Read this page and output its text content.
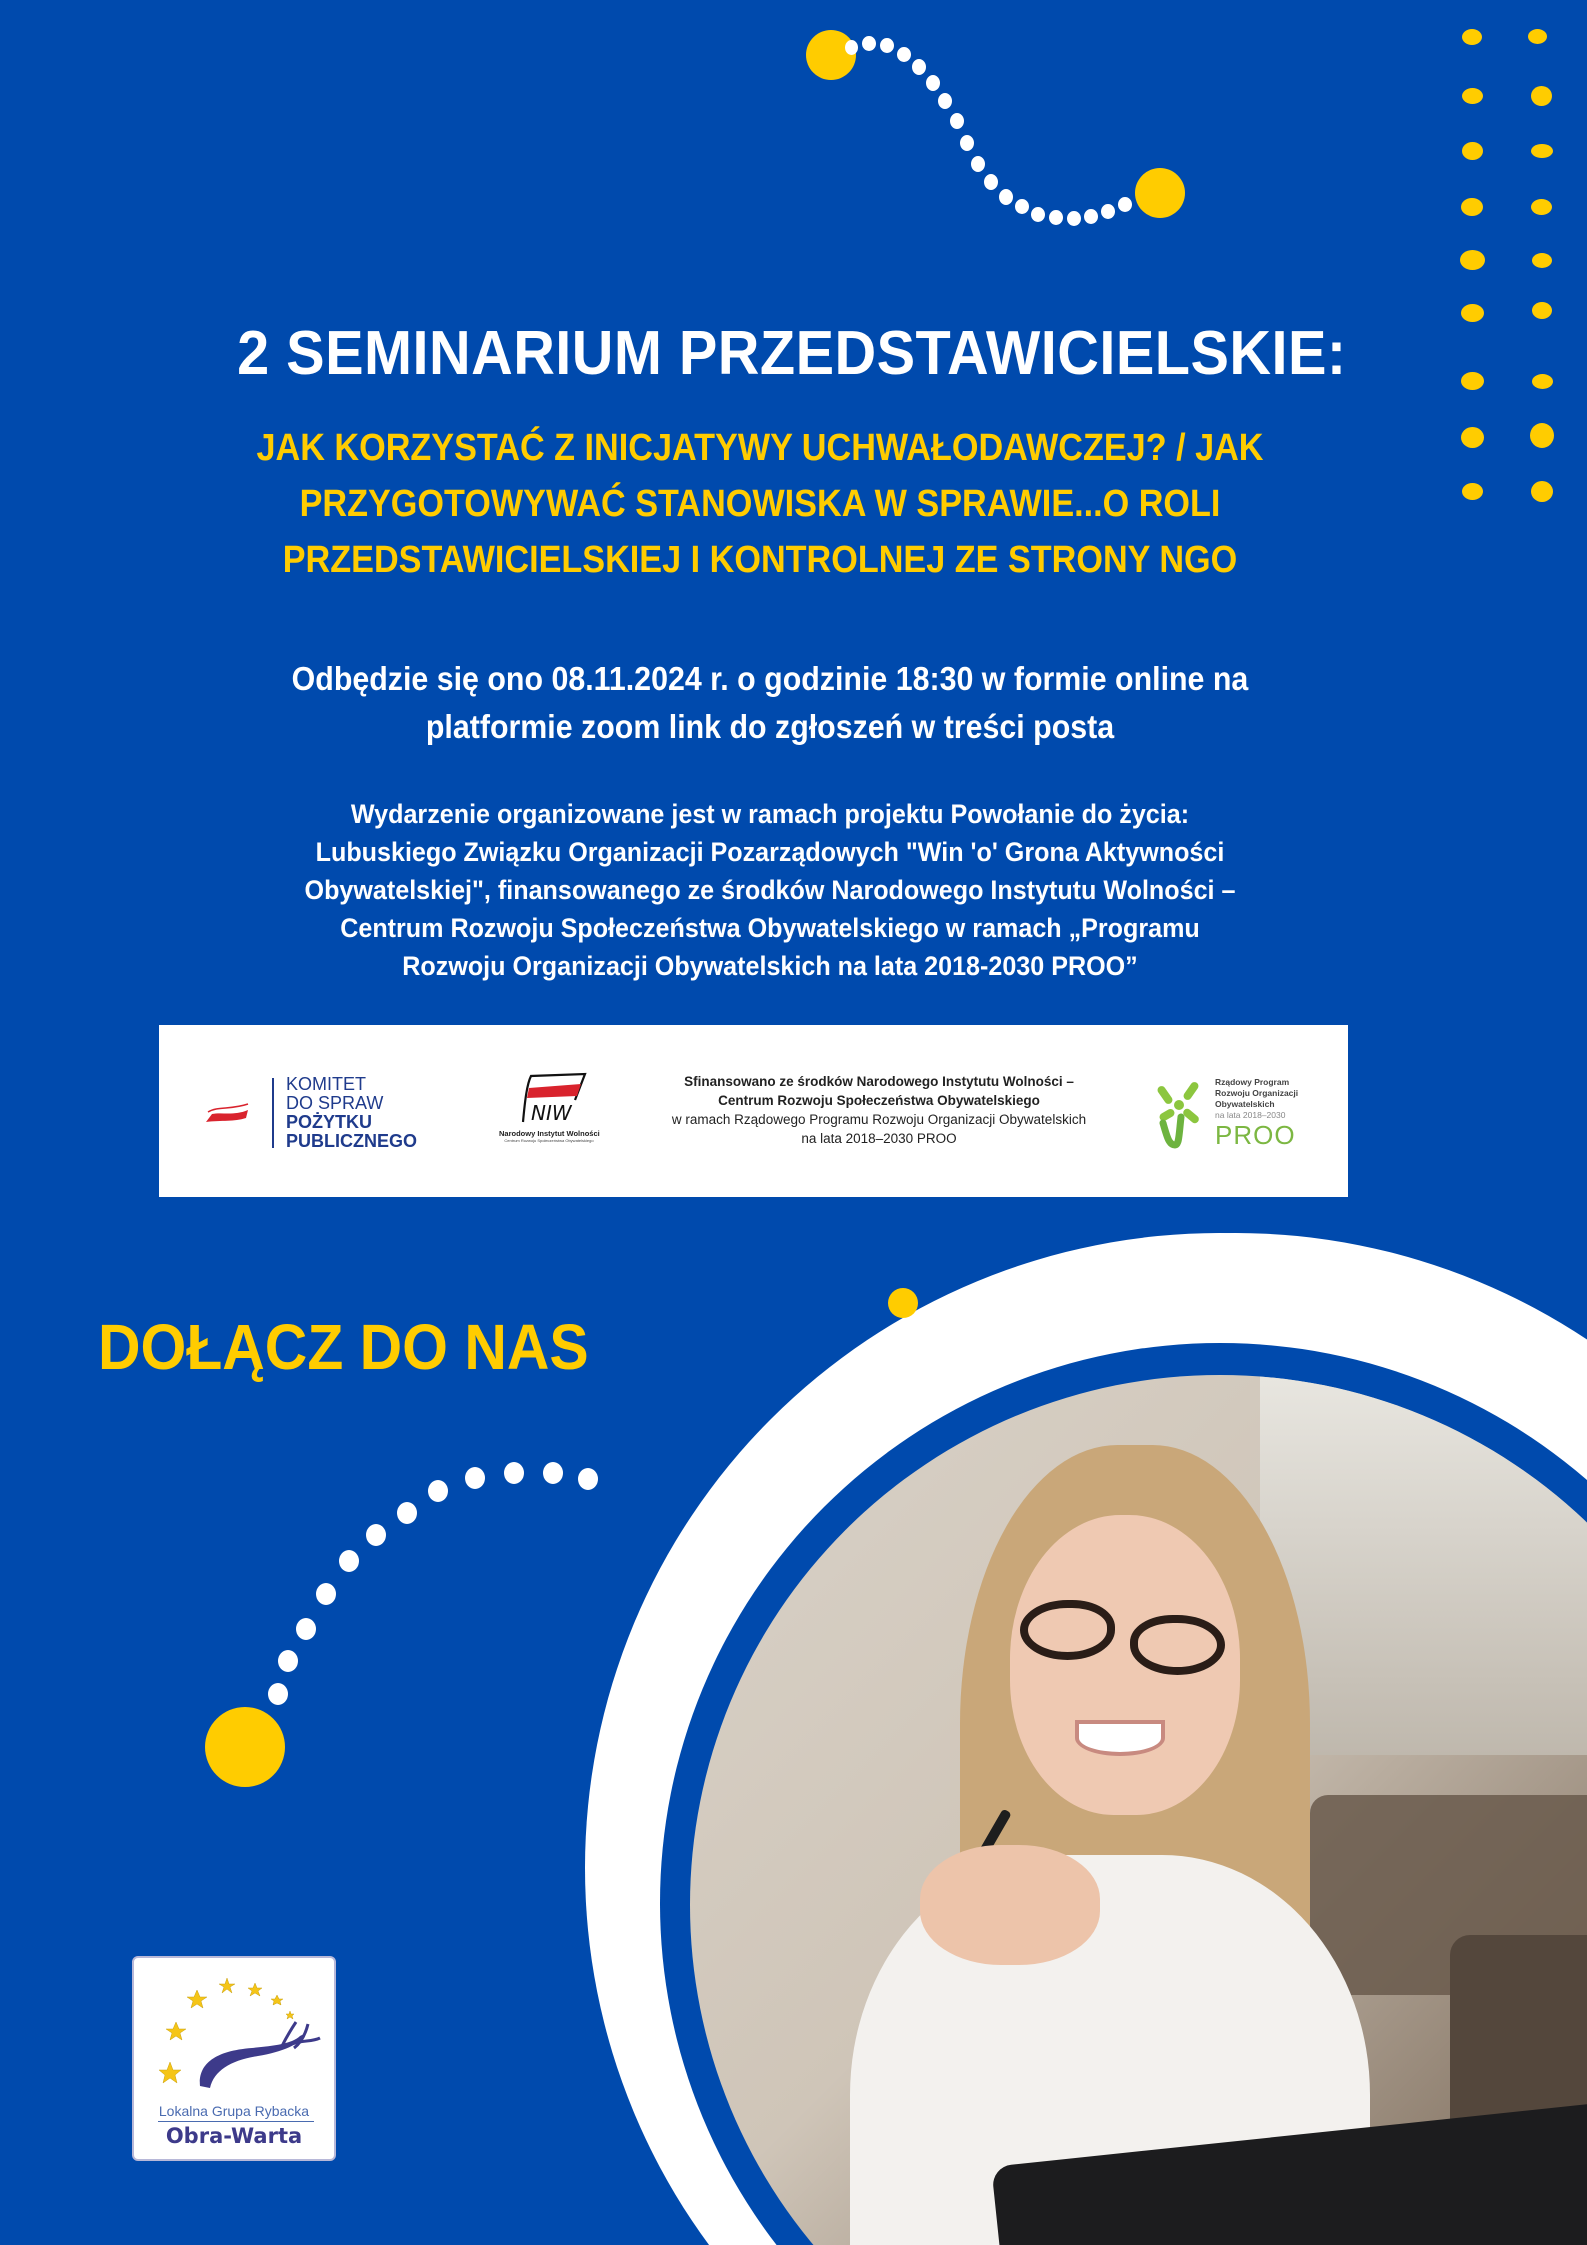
2 SEMINARIUM PRZEDSTAWICIELSKIE:
JAK KORZYSTAĆ Z INICJATYWY UCHWAŁODAWCZEJ? / JAK
PRZYGOTOWYWAĆ STANOWISKA W SPRAWIE...O ROLI
PRZEDSTAWICIELSKIEJ I KONTROLNEJ ZE STRONY NGO
Odbędzie się ono 08.11.2024 r. o godzinie 18:30 w formie online na
platformie zoom link do zgłoszeń w treści posta
Wydarzenie organizowane jest w ramach projektu Powołanie do życia:
Lubuskiego Związku Organizacji Pozarządowych "Win 'o' Grona Aktywności
Obywatelskiej", finansowanego ze środków Narodowego Instytutu Wolności –
Centrum Rozwoju Społeczeństwa Obywatelskiego w ramach „Programu
Rozwoju Organizacji Obywatelskich na lata 2018-2030 PROO”
KOMITET
DO SPRAW
POŻYTKU
PUBLICZNEGO
NIW
Narodowy Instytut Wolności
Centrum Rozwoju Społeczeństwa Obywatelskiego
Sfinansowano ze środków Narodowego Instytutu Wolności –
Centrum Rozwoju Społeczeństwa Obywatelskiego
w ramach Rządowego Programu Rozwoju Organizacji Obywatelskich
na lata 2018–2030 PROO
Rządowy Program
Rozwoju Organizacji
Obywatelskich
na lata 2018–2030
PROO
DOŁĄCZ DO NAS
Lokalna Grupa Rybacka
Obra-Warta
